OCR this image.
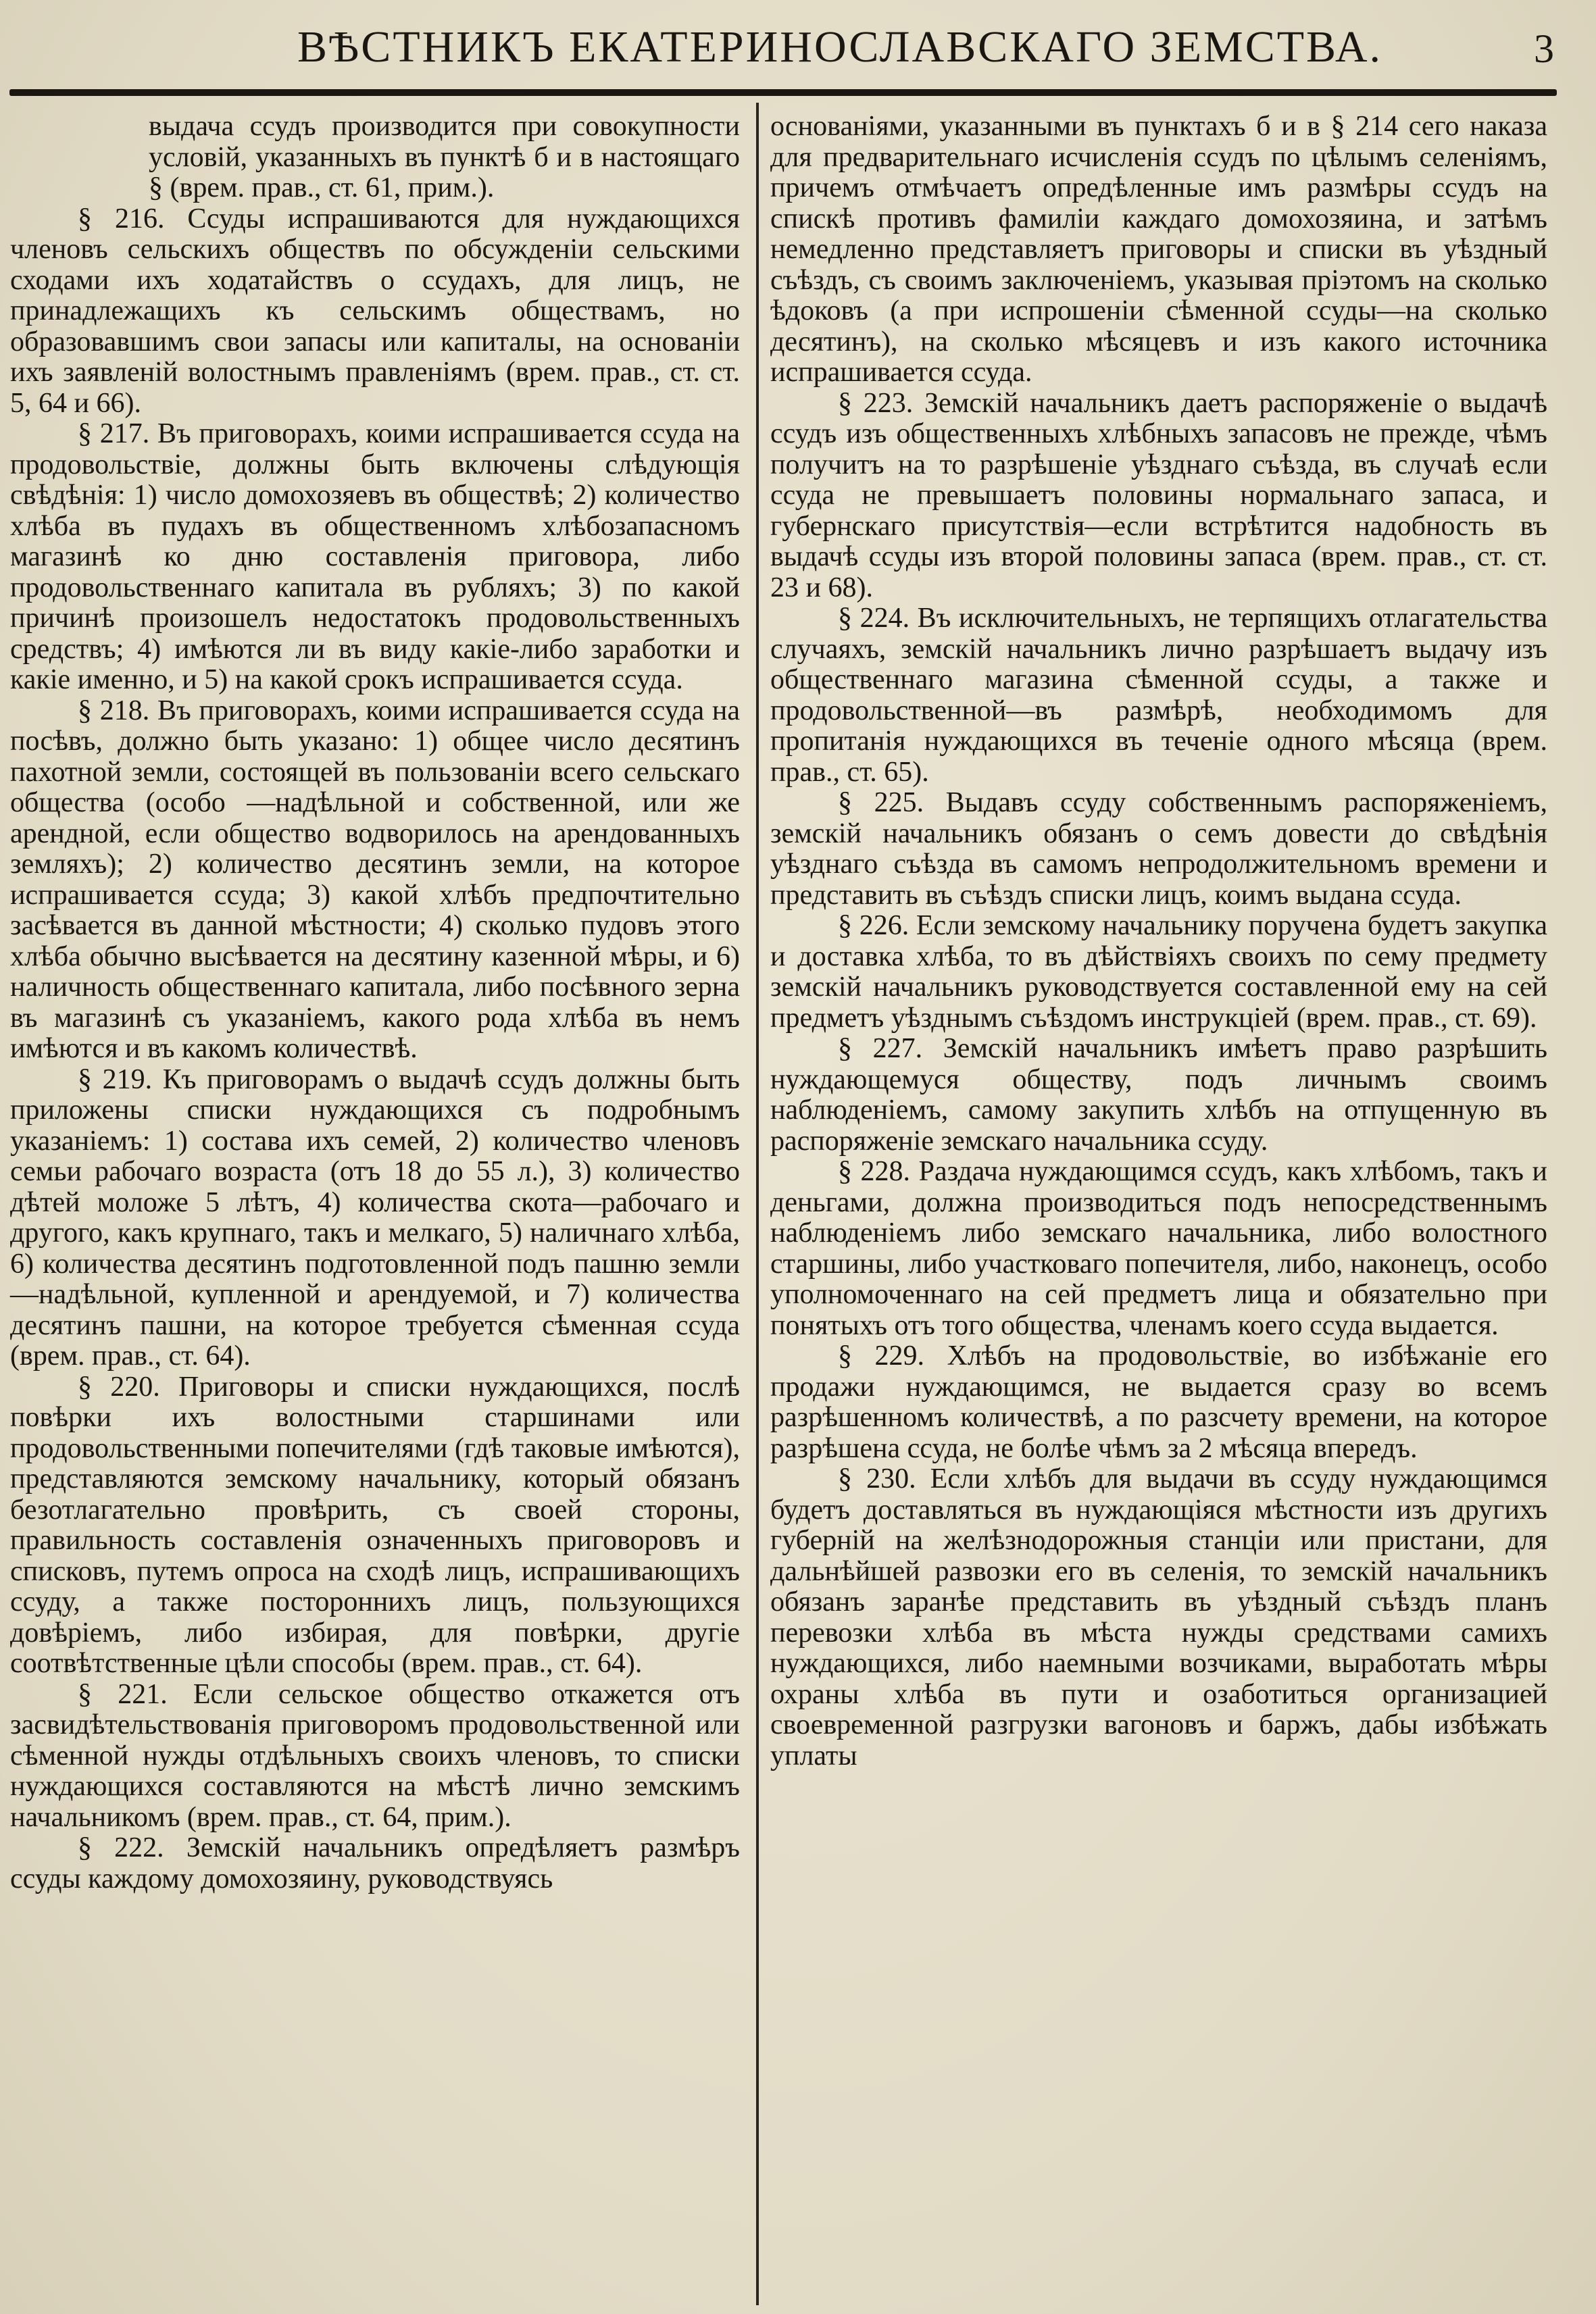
ВѢСТНИКЪ ЕКАТЕРИНОСЛАВСКАГО ЗЕМСТВА.	3

выдача ссудъ производится при совокупности условій, указанныхъ въ пунктѣ б и в настоящаго § (врем. прав., ст. 61, прим.).

§ 216. Ссуды испрашиваются для нуждающихся членовъ сельскихъ обществъ по обсужденіи сельскими сходами ихъ ходатайствъ о ссудахъ, для лицъ, не принадлежащихъ къ сельскимъ обществамъ, но образовавшимъ свои запасы или капиталы, на основаніи ихъ заявленій волостнымъ правленіямъ (врем. прав., ст. ст. 5, 64 и 66).

§ 217. Въ приговорахъ, коими испрашивается ссуда на продовольствіе, должны быть включены слѣдующія свѣдѣнія: 1) число домохозяевъ въ обществѣ; 2) количество хлѣба въ пудахъ въ общественномъ хлѣбозапасномъ магазинѣ ко дню составленія приговора, либо продовольственнаго капитала въ рубляхъ; 3) по какой причинѣ произошелъ недостатокъ продовольственныхъ средствъ; 4) имѣются ли въ виду какіе-либо заработки и какіе именно, и 5) на какой срокъ испрашивается ссуда.

§ 218. Въ приговорахъ, коими испрашивается ссуда на посѣвъ, должно быть указано: 1) общее число десятинъ пахотной земли, состоящей въ пользованіи всего сельскаго общества (особо —надѣльной и собственной, или же арендной, если общество водворилось на арендованныхъ земляхъ); 2) количество десятинъ земли, на которое испрашивается ссуда; 3) какой хлѣбъ предпочтительно засѣвается въ данной мѣстности; 4) сколько пудовъ этого хлѣба обычно высѣвается на десятину казенной мѣры, и 6) наличность общественнаго капитала, либо посѣвного зерна въ магазинѣ съ указаніемъ, какого рода хлѣба въ немъ имѣются и въ какомъ количествѣ.

§ 219. Къ приговорамъ о выдачѣ ссудъ должны быть приложены списки нуждающихся съ подробнымъ указаніемъ: 1) состава ихъ семей, 2) количество членовъ семьи рабочаго возраста (отъ 18 до 55 л.), 3) количество дѣтей моложе 5 лѣтъ, 4) количества скота—рабочаго и другого, какъ крупнаго, такъ и мелкаго, 5) наличнаго хлѣба, 6) количества десятинъ подготовленной подъ пашню земли—надѣльной, купленной и арендуемой, и 7) количества десятинъ пашни, на которое требуется сѣменная ссуда (врем. прав., ст. 64).

§ 220. Приговоры и списки нуждающихся, послѣ повѣрки ихъ волостными старшинами или продовольственными попечителями (гдѣ таковые имѣются), представляются земскому начальнику, который обязанъ безотлагательно провѣрить, съ своей стороны, правильность составленія означенныхъ приговоровъ и списковъ, путемъ опроса на сходѣ лицъ, испрашивающихъ ссуду, а также постороннихъ лицъ, пользующихся довѣріемъ, либо избирая, для повѣрки, другіе соотвѣтственные цѣли способы (врем. прав., ст. 64).

§ 221. Если сельское общество откажется отъ засвидѣтельствованія приговоромъ продовольственной или сѣменной нужды отдѣльныхъ своихъ членовъ, то списки нуждающихся составляются на мѣстѣ лично земскимъ начальникомъ (врем. прав., ст. 64, прим.).

§ 222. Земскій начальникъ опредѣляетъ размѣръ ссуды каждому домохозяину, руководствуясь

основаніями, указанными въ пунктахъ б и в § 214 сего наказа для предварительнаго исчисленія ссудъ по цѣлымъ селеніямъ, причемъ отмѣчаетъ опредѣленные имъ размѣры ссудъ на спискѣ противъ фамиліи каждаго домохозяина, и затѣмъ немедленно представляетъ приговоры и списки въ уѣздный съѣздъ, съ своимъ заключеніемъ, указывая пріэтомъ на сколько ѣдоковъ (а при испрошеніи сѣменной ссуды—на сколько десятинъ), на сколько мѣсяцевъ и изъ какого источника испрашивается ссуда.

§ 223. Земскій начальникъ даетъ распоряженіе о выдачѣ ссудъ изъ общественныхъ хлѣбныхъ запасовъ не прежде, чѣмъ получитъ на то разрѣшеніе уѣзднаго съѣзда, въ случаѣ если ссуда не превышаетъ половины нормальнаго запаса, и губернскаго присутствія—если встрѣтится надобность въ выдачѣ ссуды изъ второй половины запаса (врем. прав., ст. ст. 23 и 68).

§ 224. Въ исключительныхъ, не терпящихъ отлагательства случаяхъ, земскій начальникъ лично разрѣшаетъ выдачу изъ общественнаго магазина сѣменной ссуды, а также и продовольственной—въ размѣрѣ, необходимомъ для пропитанія нуждающихся въ теченіе одного мѣсяца (врем. прав., ст. 65).

§ 225. Выдавъ ссуду собственнымъ распоряженіемъ, земскій начальникъ обязанъ о семъ довести до свѣдѣнія уѣзднаго съѣзда въ самомъ непродолжительномъ времени и представить въ съѣздъ списки лицъ, коимъ выдана ссуда.

§ 226. Если земскому начальнику поручена будетъ закупка и доставка хлѣба, то въ дѣйствіяхъ своихъ по сему предмету земскій начальникъ руководствуется составленной ему на сей предметъ уѣзднымъ съѣздомъ инструкціей (врем. прав., ст. 69).

§ 227. Земскій начальникъ имѣетъ право разрѣшить нуждающемуся обществу, подъ личнымъ своимъ наблюденіемъ, самому закупить хлѣбъ на отпущенную въ распоряженіе земскаго начальника ссуду.

§ 228. Раздача нуждающимся ссудъ, какъ хлѣбомъ, такъ и деньгами, должна производиться подъ непосредственнымъ наблюденіемъ либо земскаго начальника, либо волостного старшины, либо участковаго попечителя, либо, наконецъ, особо уполномоченнаго на сей предметъ лица и обязательно при понятыхъ отъ того общества, членамъ коего ссуда выдается.

§ 229. Хлѣбъ на продовольствіе, во избѣжаніе его продажи нуждающимся, не выдается сразу во всемъ разрѣшенномъ количествѣ, а по разсчету времени, на которое разрѣшена ссуда, не болѣе чѣмъ за 2 мѣсяца впередъ.

§ 230. Если хлѣбъ для выдачи въ ссуду нуждающимся будетъ доставляться въ нуждающіяся мѣстности изъ другихъ губерній на желѣзнодорожныя станціи или пристани, для дальнѣйшей развозки его въ селенія, то земскій начальникъ обязанъ заранѣе представить въ уѣздный съѣздъ планъ перевозки хлѣба въ мѣста нужды средствами самихъ нуждающихся, либо наемными возчиками, выработать мѣры охраны хлѣба въ пути и озаботиться организацией своевременной разгрузки вагоновъ и баржъ, дабы избѣжать уплаты
